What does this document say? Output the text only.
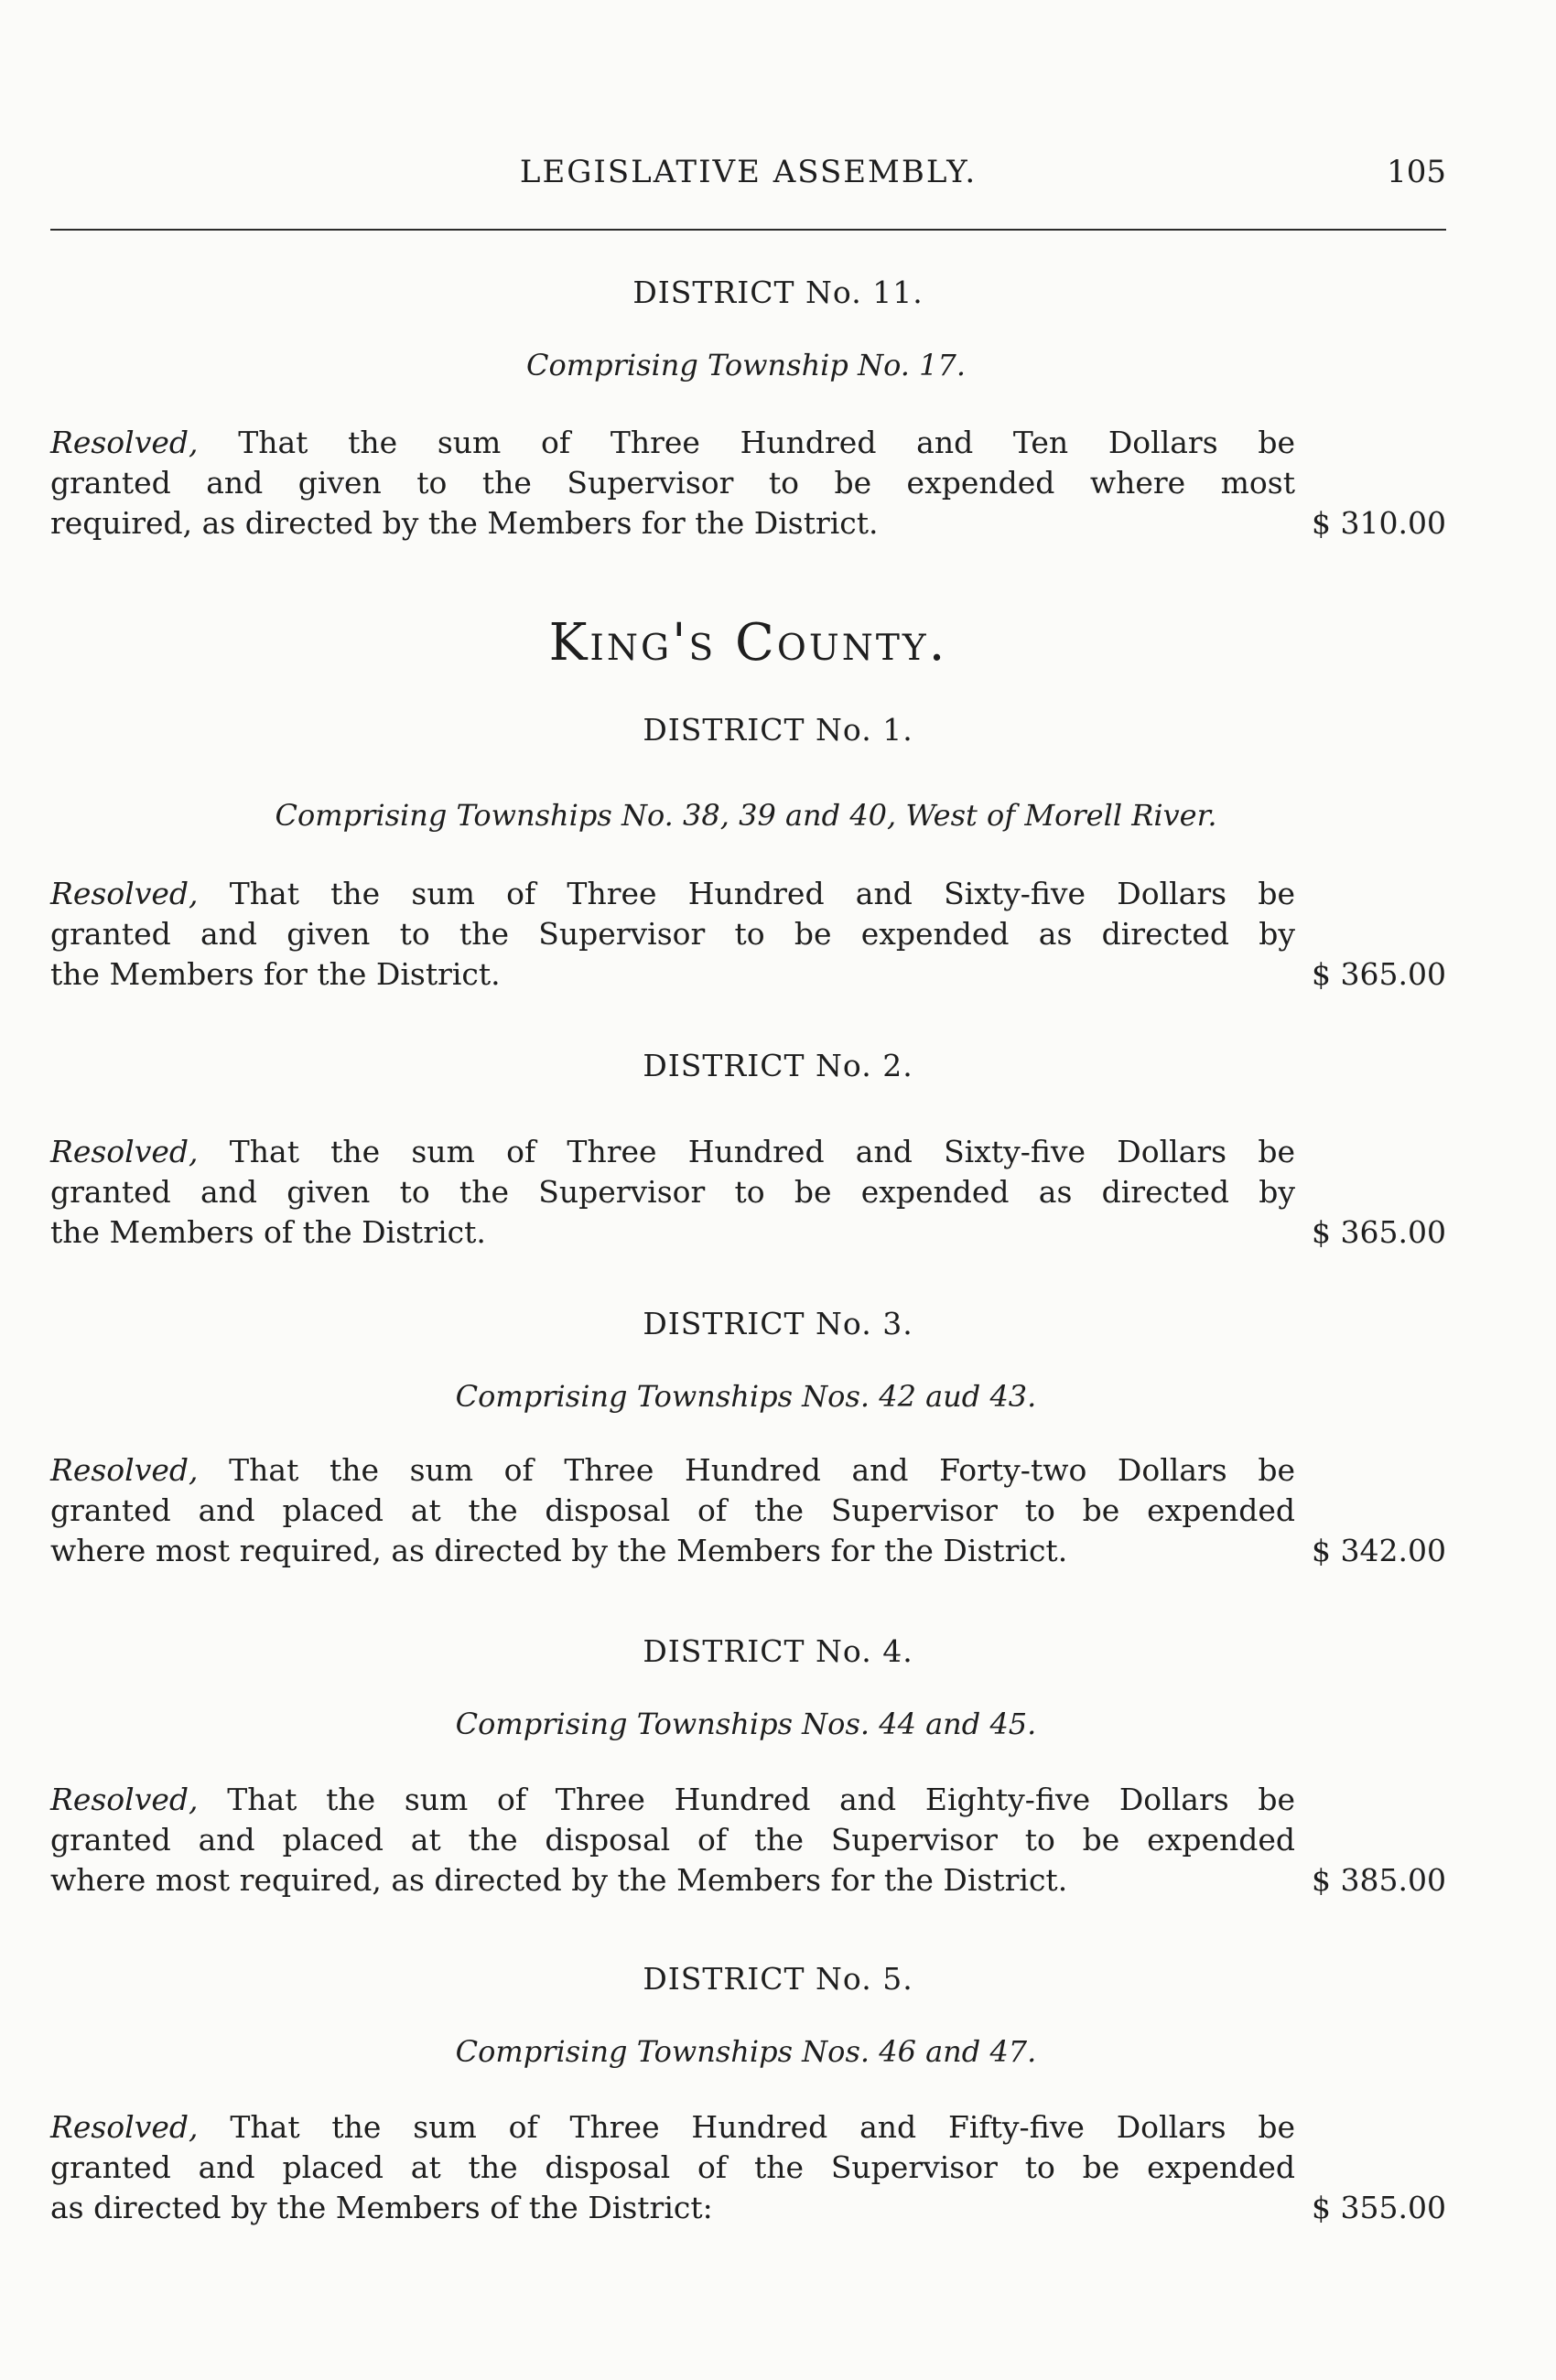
LEGISLATIVE ASSEMBLY.	105
DISTRICT No. 11.
Comprising Township No. 17.
Resolved, That the sum of Three Hundred and Ten Dollars be
granted and given to the Supervisor to be expended where most
required, as directed by the Members for the District.	$ 310.00
King's County.
DISTRICT No. 1.
Comprising Townships No. 38, 39 and 40, West of Morell River.
Resolved, That the sum of Three Hundred and Sixty-five Dollars be
granted and given to the Supervisor to be expended as directed by
the Members for the District.	$ 365.00
DISTRICT No. 2.
Resolved, That the sum of Three Hundred and Sixty-five Dollars be
granted and given to the Supervisor to be expended as directed by
the Members of the District.	$ 365.00
DISTRICT No. 3.
Comprising Townships Nos. 42 aud 43.
Resolved, That the sum of Three Hundred and Forty-two Dollars be
granted and placed at the disposal of the Supervisor to be expended
where most required, as directed by the Members for the District.	$ 342.00
DISTRICT No. 4.
Comprising Townships Nos. 44 and 45.
Resolved, That the sum of Three Hundred and Eighty-five Dollars be
granted and placed at the disposal of the Supervisor to be expended
where most required, as directed by the Members for the District.	$ 385.00
DISTRICT No. 5.
Comprising Townships Nos. 46 and 47.
Resolved, That the sum of Three Hundred and Fifty-five Dollars be
granted and placed at the disposal of the Supervisor to be expended
as directed by the Members of the District:	$ 355.00
